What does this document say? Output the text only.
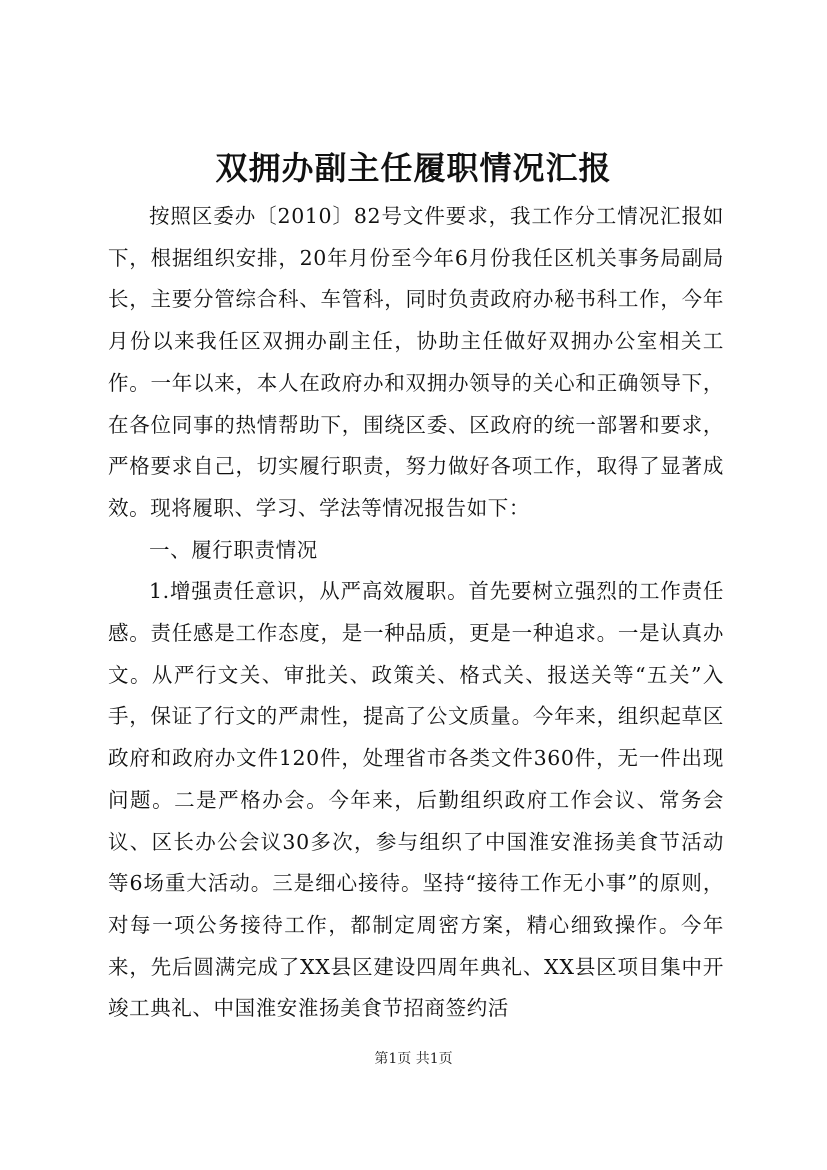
双拥办副主任履职情况汇报

按照区委办〔2010〕82号文件要求，我工作分工情况汇报如下，根据组织安排，20年月份至今年6月份我任区机关事务局副局长，主要分管综合科、车管科，同时负责政府办秘书科工作，今年月份以来我任区双拥办副主任，协助主任做好双拥办公室相关工作。一年以来，本人在政府办和双拥办领导的关心和正确领导下，在各位同事的热情帮助下，围绕区委、区政府的统一部署和要求，严格要求自己，切实履行职责，努力做好各项工作，取得了显著成效。现将履职、学习、学法等情况报告如下：

一、履行职责情况

1.增强责任意识，从严高效履职。首先要树立强烈的工作责任感。责任感是工作态度，是一种品质，更是一种追求。一是认真办文。从严行文关、审批关、政策关、格式关、报送关等“五关”入手，保证了行文的严肃性，提高了公文质量。今年来，组织起草区政府和政府办文件120件，处理省市各类文件360件，无一件出现问题。二是严格办会。今年来，后勤组织政府工作会议、常务会议、区长办公会议30多次，参与组织了中国淮安淮扬美食节活动等6场重大活动。三是细心接待。坚持“接待工作无小事”的原则，对每一项公务接待工作，都制定周密方案，精心细致操作。今年来，先后圆满完成了XX县区建设四周年典礼、XX县区项目集中开竣工典礼、中国淮安淮扬美食节招商签约活

第1页 共1页
